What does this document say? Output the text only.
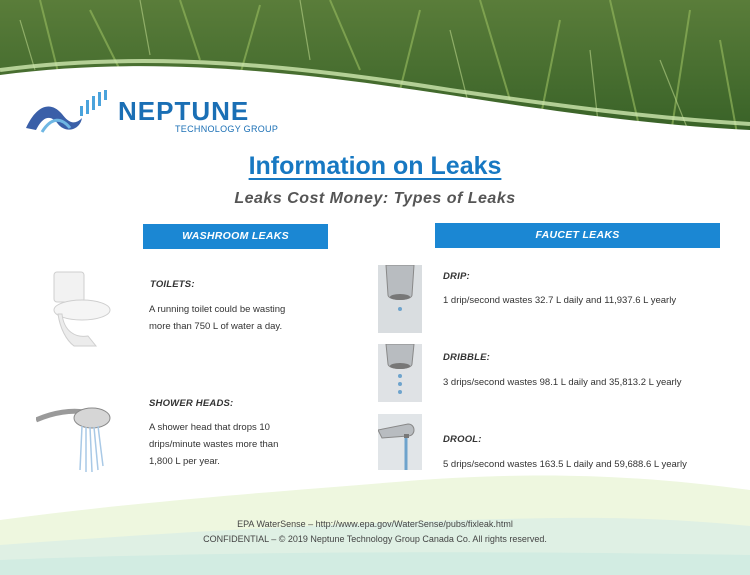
NEPTUNE
TECHNOLOGY GROUP
Information on Leaks
Leaks Cost Money: Types of Leaks
WASHROOM LEAKS	FAUCET LEAKS
TOILETS:
A running toilet could be wasting
more than 750 L of water a day.
SHOWER HEADS:
A shower head that drops 10
drips/minute wastes more than
1,800 L per year.
DRIP:
1 drip/second wastes 32.7 L daily and 11,937.6 L yearly
DRIBBLE:
3 drips/second wastes 98.1 L daily and 35,813.2 L yearly
DROOL:
5 drips/second wastes 163.5 L daily and 59,688.6 L yearly
EPA WaterSense – http://www.epa.gov/WaterSense/pubs/fixleak.html
CONFIDENTIAL – © 2019 Neptune Technology Group Canada Co. All rights reserved.
